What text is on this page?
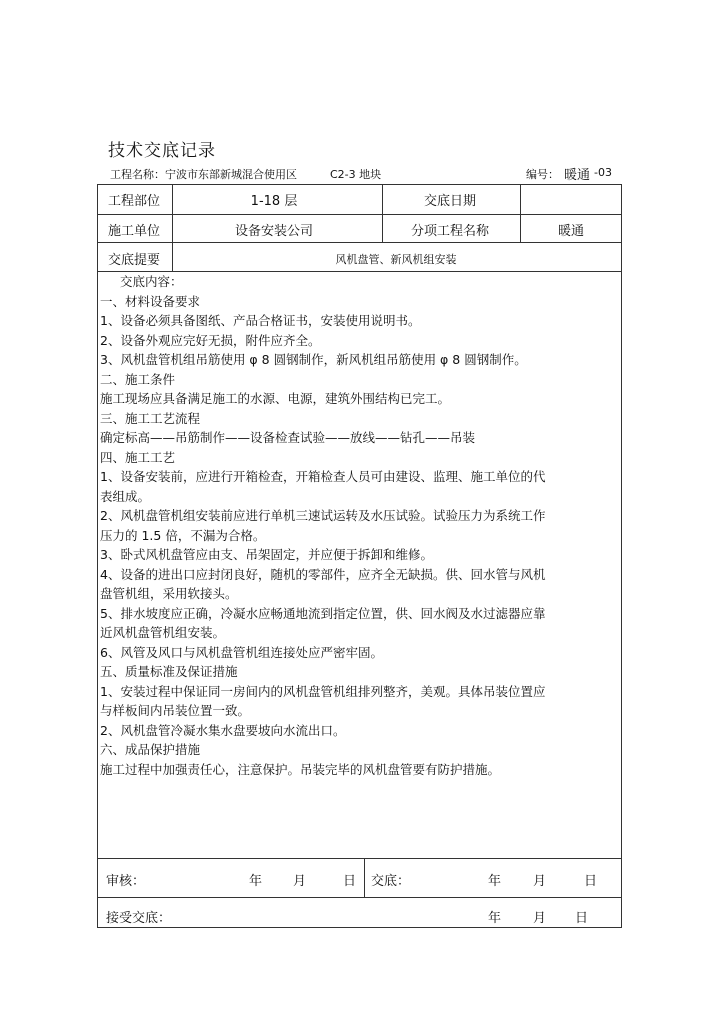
技术交底记录
工程名称：宁波市东部新城混合使用区	C2-3 地块	编号： 暖通 -03
工程部位	1-18 层	交底日期
施工单位	设备安装公司	分项工程名称	暖通
交底提要	风机盘管、新风机组安装
交底内容：
一、材料设备要求
1、设备必须具备图纸、产品合格证书，安装使用说明书。
2、设备外观应完好无损，附件应齐全。
3、风机盘管机组吊筋使用 φ 8 圆钢制作，新风机组吊筋使用 φ 8 圆钢制作。
二、施工条件
施工现场应具备满足施工的水源、电源，建筑外围结构已完工。
三、施工工艺流程
确定标高——吊筋制作——设备检查试验——放线——钻孔——吊装
四、施工工艺
1、设备安装前，应进行开箱检查，开箱检查人员可由建设、监理、施工单位的代
表组成。
2、风机盘管机组安装前应进行单机三速试运转及水压试验。试验压力为系统工作
压力的 1.5 倍，不漏为合格。
3、卧式风机盘管应由支、吊架固定，并应便于拆卸和维修。
4、设备的进出口应封闭良好，随机的零部件，应齐全无缺损。供、回水管与风机
盘管机组，采用软接头。
5、排水坡度应正确，冷凝水应畅通地流到指定位置，供、回水阀及水过滤器应靠
近风机盘管机组安装。
6、风管及风口与风机盘管机组连接处应严密牢固。
五、质量标准及保证措施
1、安装过程中保证同一房间内的风机盘管机组排列整齐，美观。具体吊装位置应
与样板间内吊装位置一致。
2、风机盘管冷凝水集水盘要坡向水流出口。
六、成品保护措施
施工过程中加强责任心，注意保护。吊装完毕的风机盘管要有防护措施。
审核：	年 月	日 交底：	年 月	日
接受交底：	年 月 日
